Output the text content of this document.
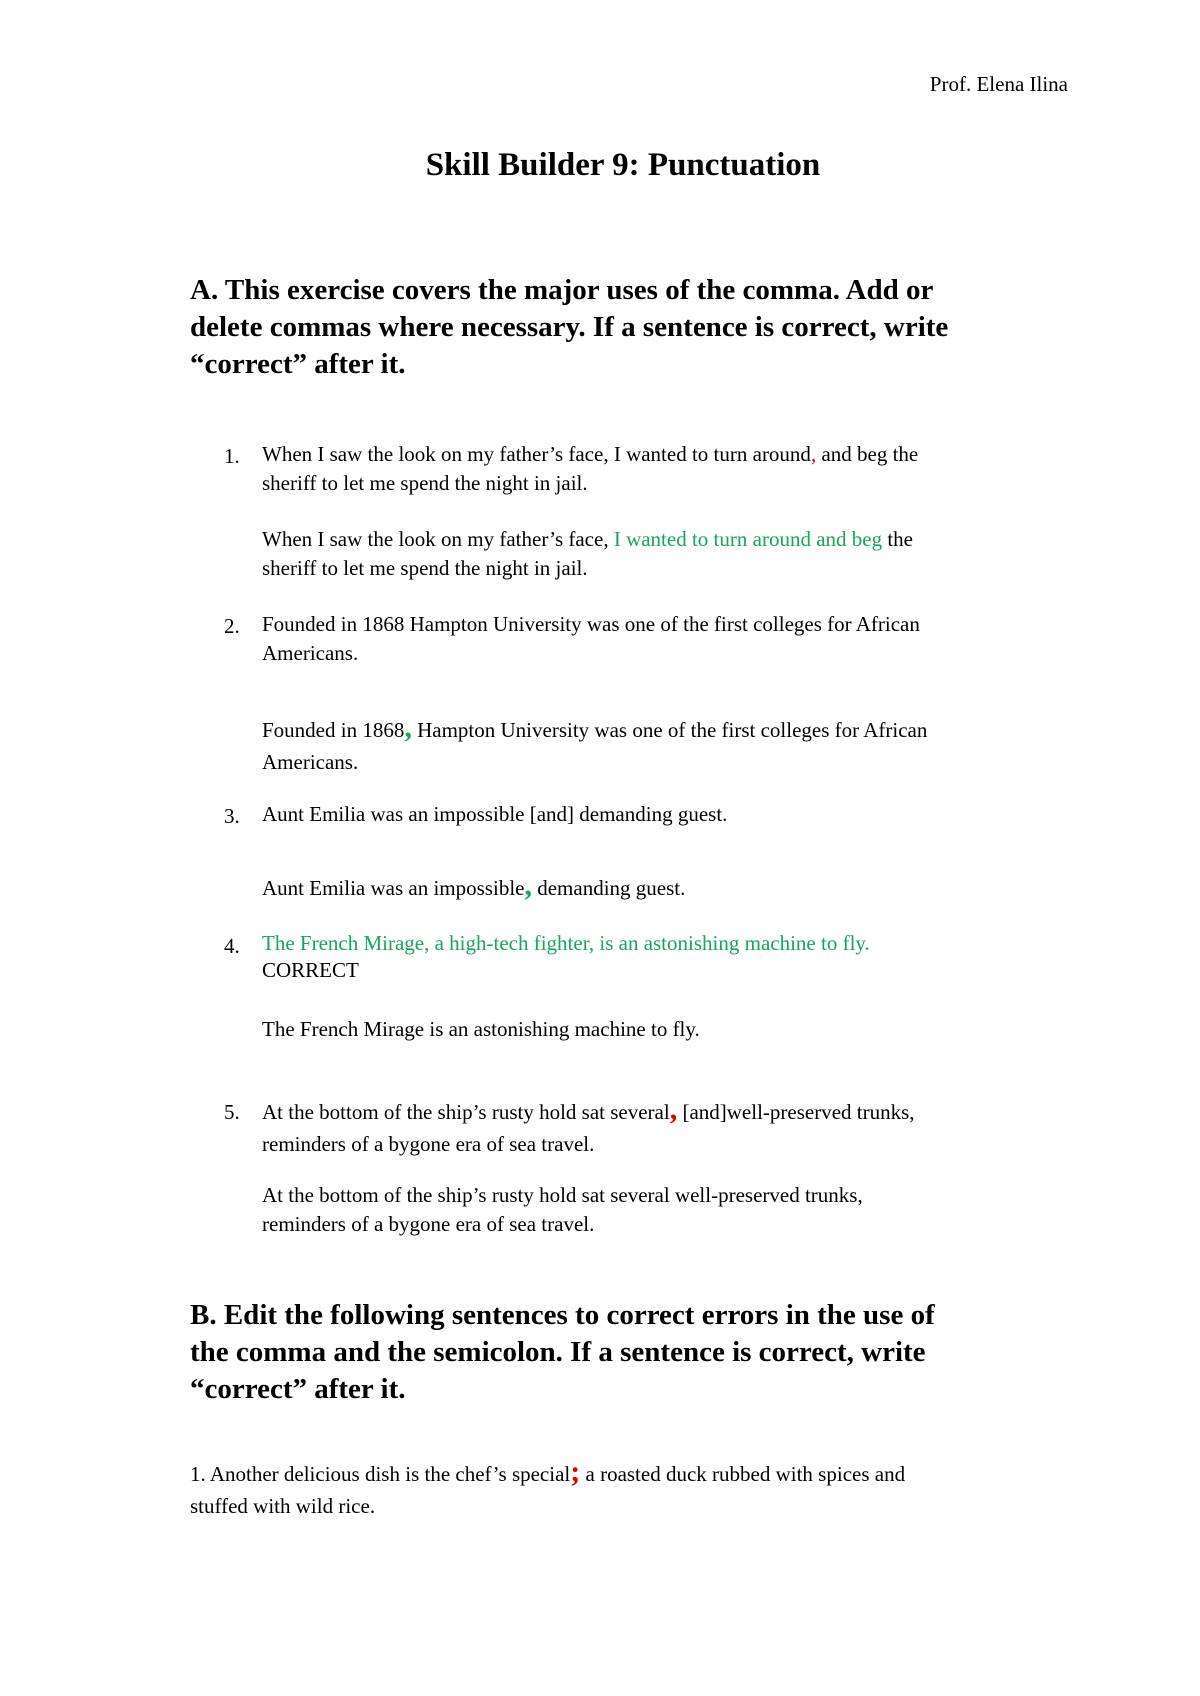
Prof. Elena Ilina
Skill Builder 9: Punctuation
A. This exercise covers the major uses of the comma. Add or
delete commas where necessary. If a sentence is correct, write
“correct” after it.
1. When I saw the look on my father’s face, I wanted to turn around, and beg the
sheriff to let me spend the night in jail.
When I saw the look on my father’s face, I wanted to turn around and beg the
sheriff to let me spend the night in jail.
2. Founded in 1868 Hampton University was one of the first colleges for African
Americans.
Founded in 1868, Hampton University was one of the first colleges for African
Americans.
3. Aunt Emilia was an impossible [and] demanding guest.
Aunt Emilia was an impossible, demanding guest.
4. The French Mirage, a high-tech fighter, is an astonishing machine to fly.
CORRECT
The French Mirage is an astonishing machine to fly.
5. At the bottom of the ship’s rusty hold sat several, [and]well-preserved trunks,
reminders of a bygone era of sea travel.
At the bottom of the ship’s rusty hold sat several well-preserved trunks,
reminders of a bygone era of sea travel.
B. Edit the following sentences to correct errors in the use of
the comma and the semicolon. If a sentence is correct, write
“correct” after it.
1. Another delicious dish is the chef’s special; a roasted duck rubbed with spices and
stuffed with wild rice.
